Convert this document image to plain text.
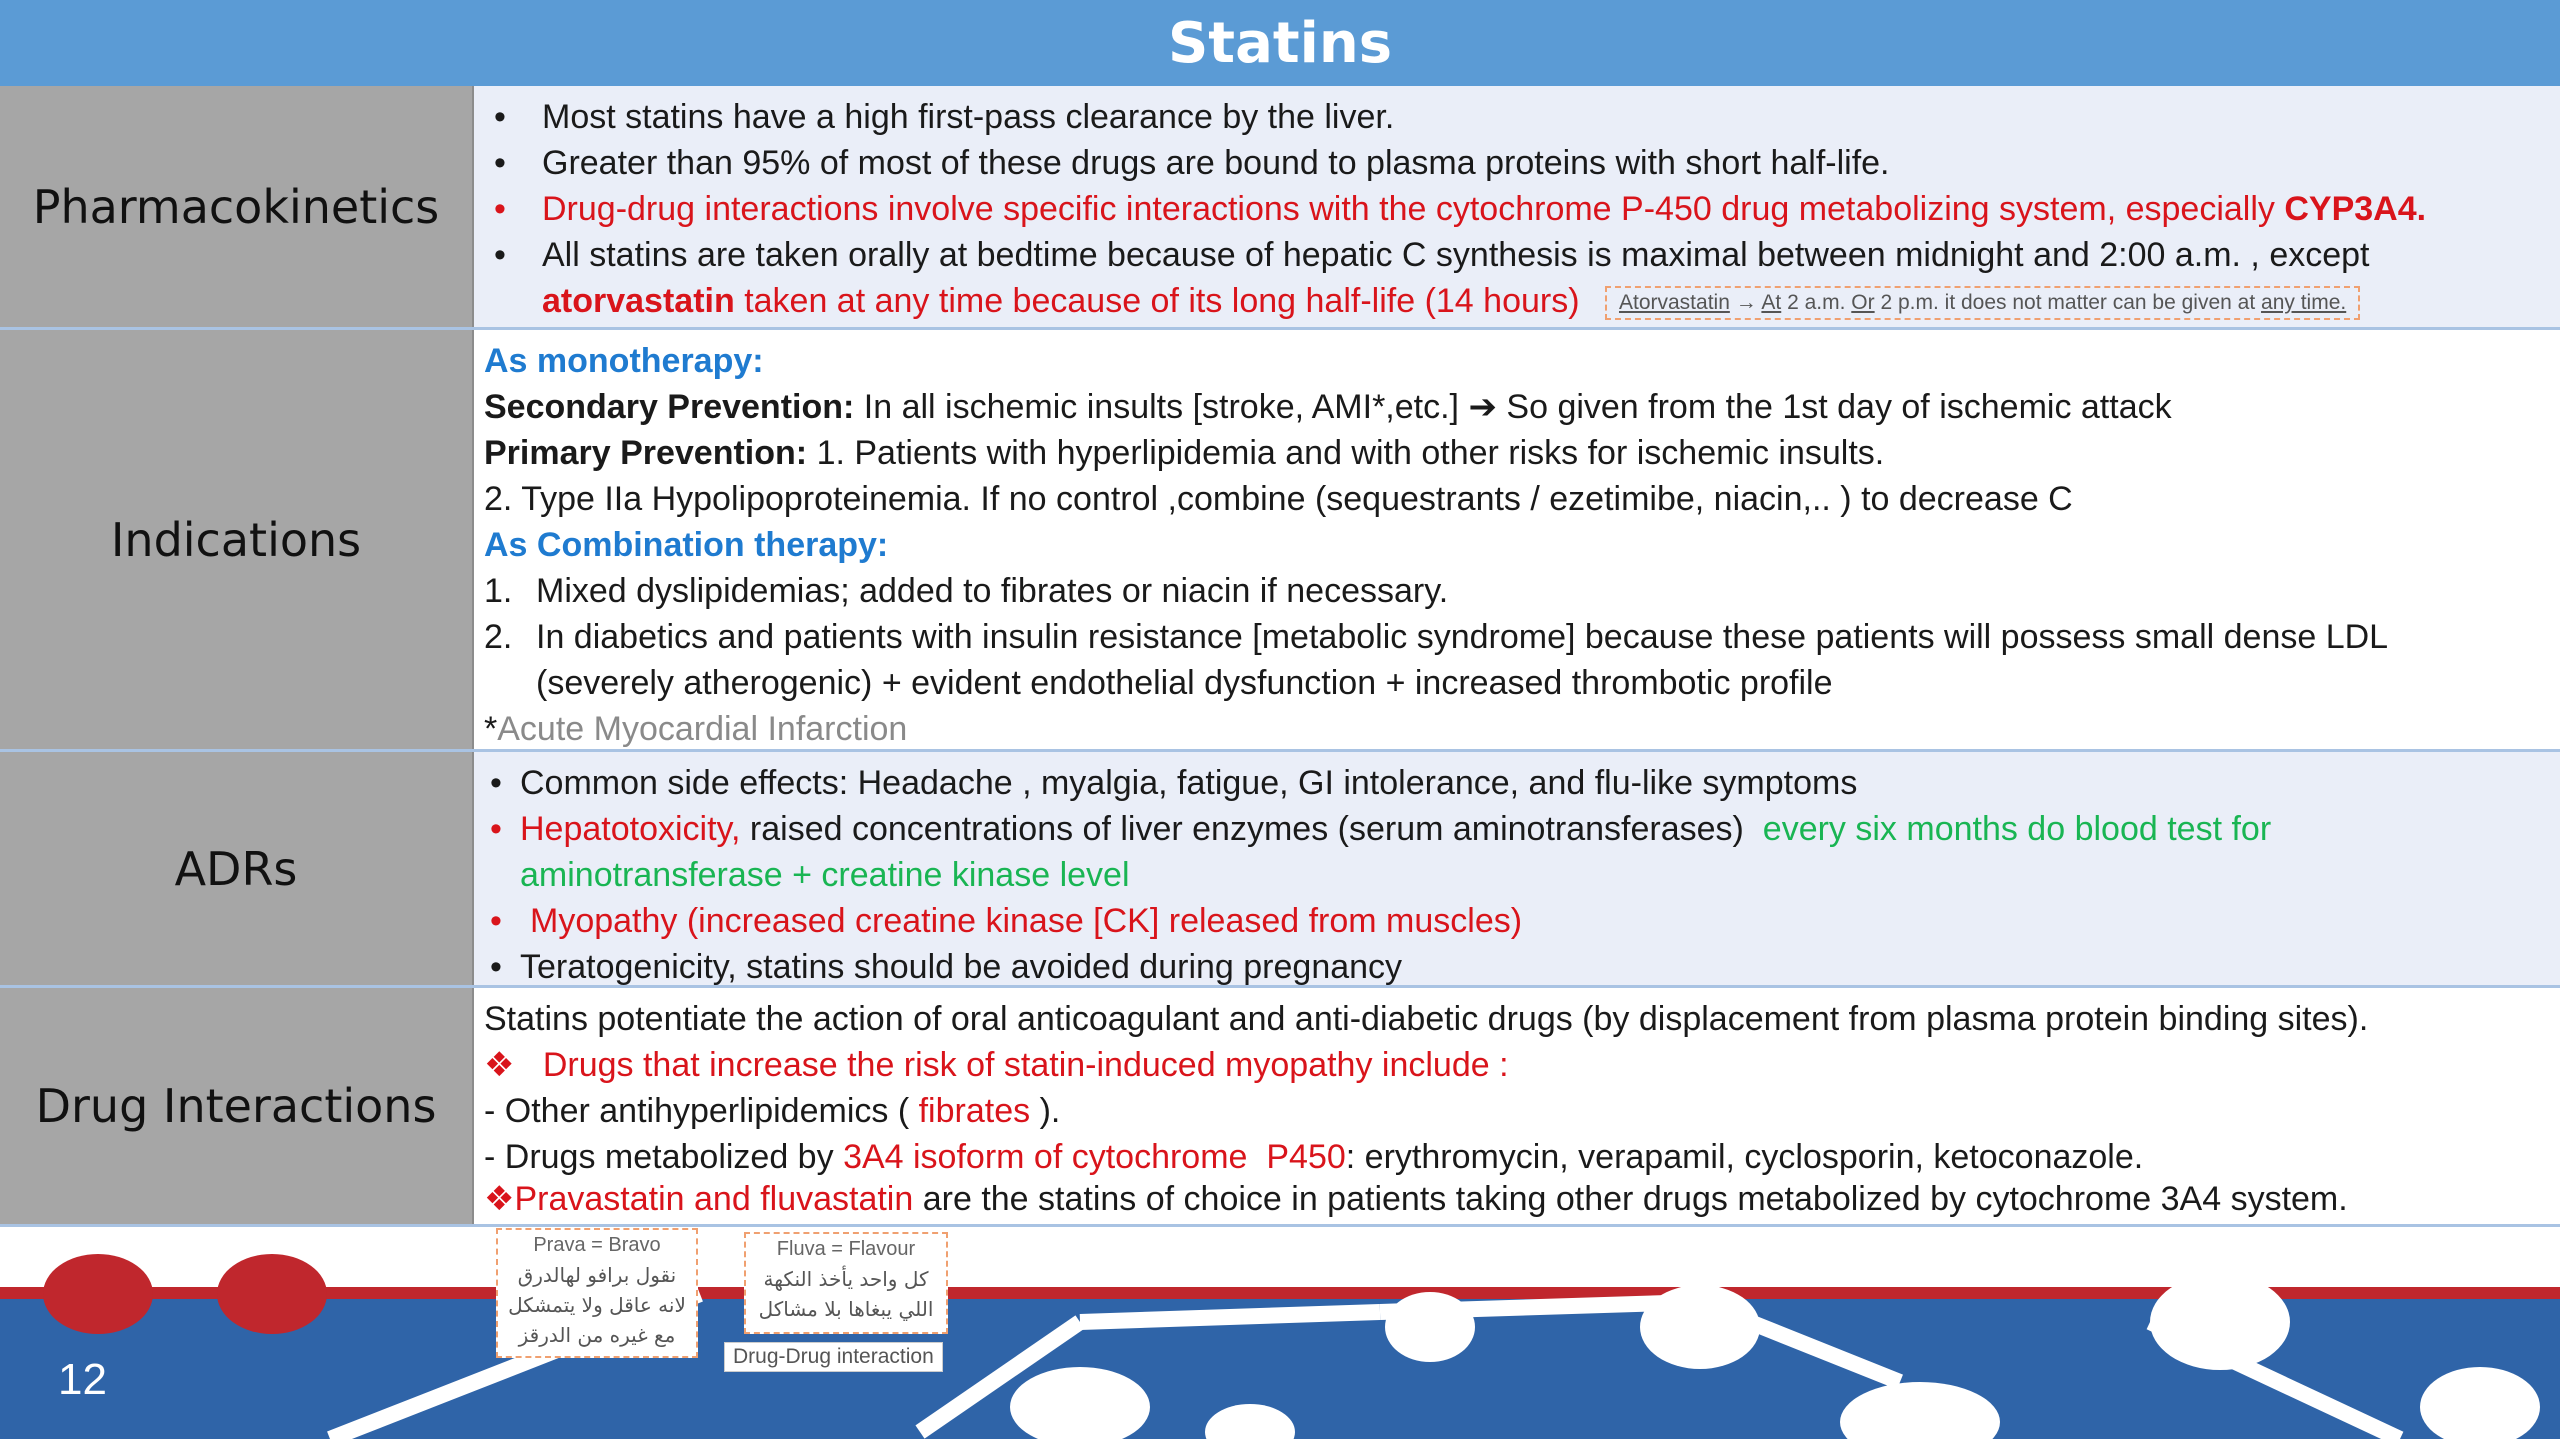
Statins
Pharmacokinetics
• Most statins have a high first-pass clearance by the liver.
• Greater than 95% of most of these drugs are bound to plasma proteins with short half-life.
• Drug-drug interactions involve specific interactions with the cytochrome P-450 drug metabolizing system, especially CYP3A4.
• All statins are taken orally at bedtime because of hepatic C synthesis is maximal between midnight and 2:00 a.m. , except
atorvastatin taken at any time because of its long half-life (14 hours) Atorvastatin → At 2 a.m. Or 2 p.m. it does not matter can be given at any time.
Indications
As monotherapy:
Secondary Prevention: In all ischemic insults [stroke, AMI*,etc.] ➔ So given from the 1st day of ischemic attack
Primary Prevention: 1. Patients with hyperlipidemia and with other risks for ischemic insults.
2. Type IIa Hypolipoproteinemia. If no control ,combine (sequestrants / ezetimibe, niacin,.. ) to decrease C
As Combination therapy:
1. Mixed dyslipidemias; added to fibrates or niacin if necessary.
2. In diabetics and patients with insulin resistance [metabolic syndrome] because these patients will possess small dense LDL
(severely atherogenic) + evident endothelial dysfunction + increased thrombotic profile
*Acute Myocardial Infarction
ADRs
• Common side effects: Headache , myalgia, fatigue, GI intolerance, and flu-like symptoms
• Hepatotoxicity, raised concentrations of liver enzymes (serum aminotransferases) every six months do blood test for
aminotransferase + creatine kinase level
• Myopathy (increased creatine kinase [CK] released from muscles)
• Teratogenicity, statins should be avoided during pregnancy
Drug Interactions
Statins potentiate the action of oral anticoagulant and anti-diabetic drugs (by displacement from plasma protein binding sites).
❖ Drugs that increase the risk of statin-induced myopathy include :
- Other antihyperlipidemics ( fibrates ).
- Drugs metabolized by 3A4 isoform of cytochrome P450: erythromycin, verapamil, cyclosporin, ketoconazole.
❖Pravastatin and fluvastatin are the statins of choice in patients taking other drugs metabolized by cytochrome 3A4 system.
Prava = Bravo
نقول برافو لهالدرق
لانه عاقل ولا يتمشكل
مع غيره من الدرقز
Fluva = Flavour
كل واحد يأخذ النكهة
اللي يبغاها بلا مشاكل
Drug-Drug interaction
12
